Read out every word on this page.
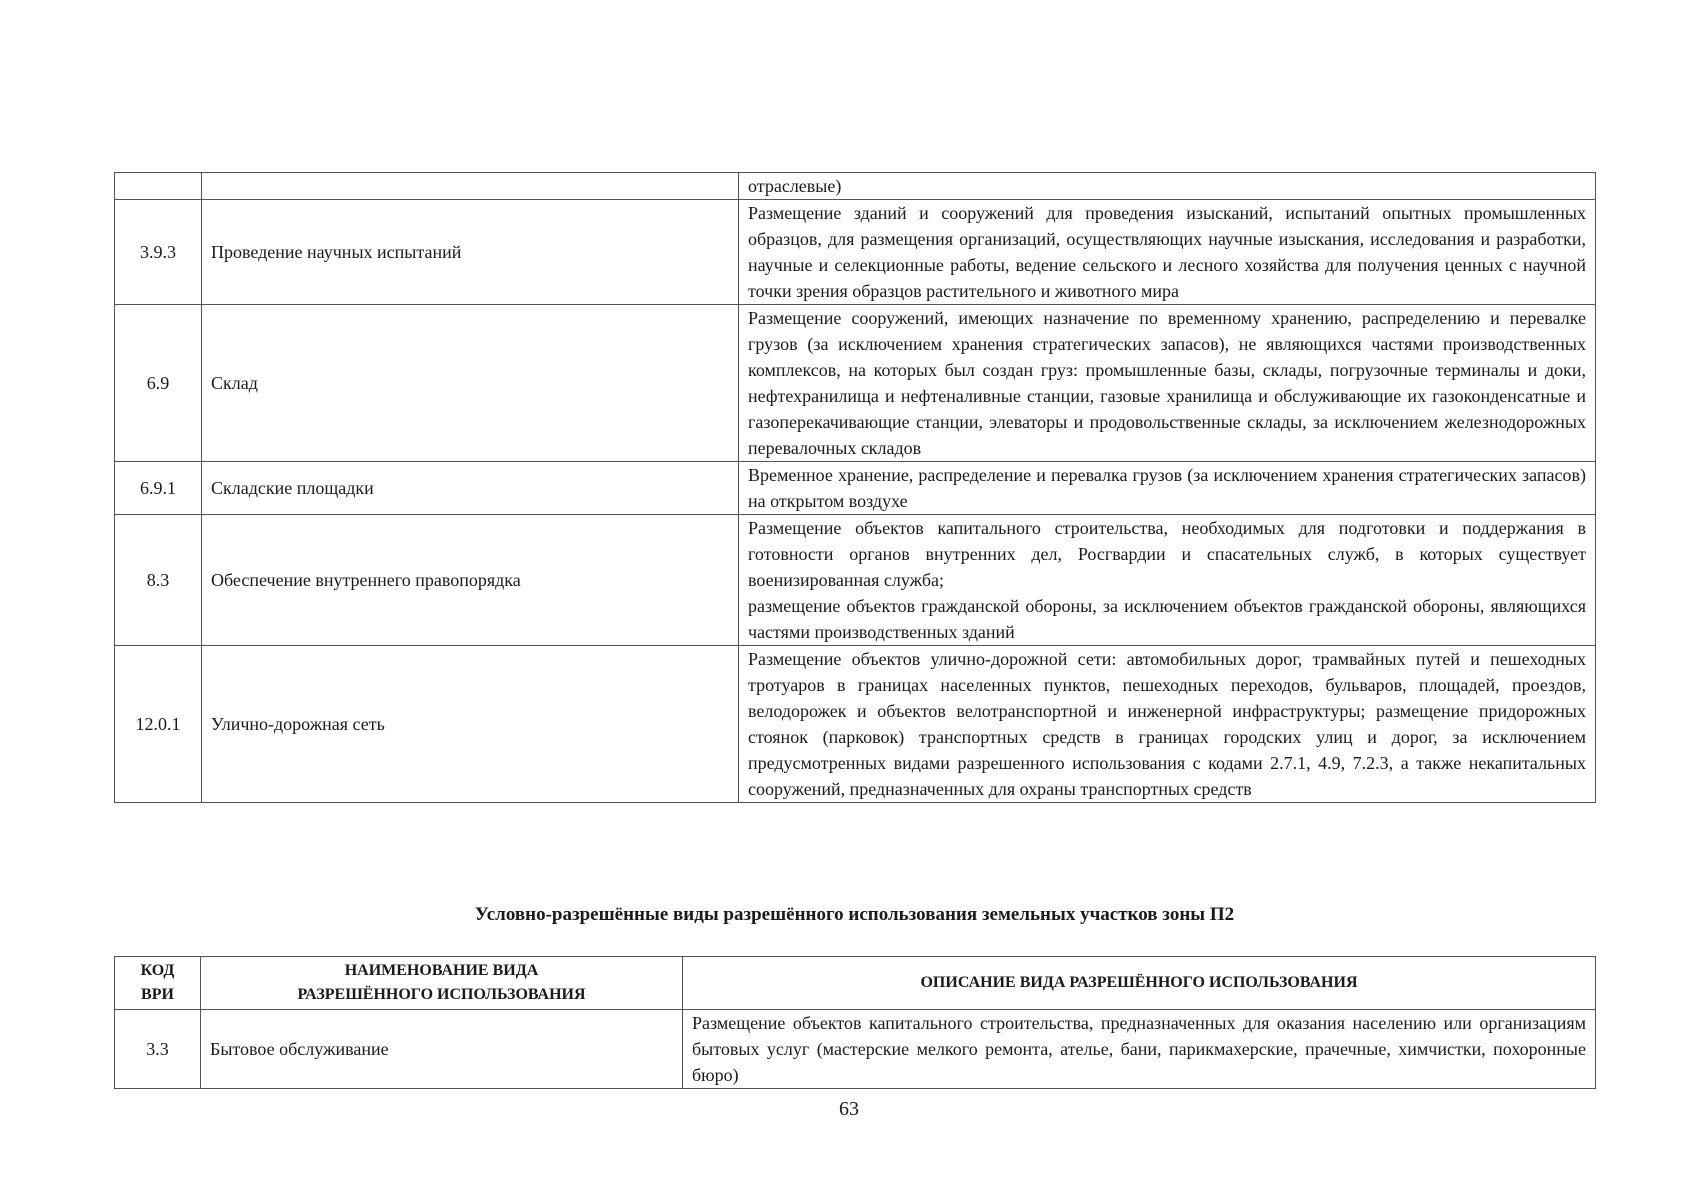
		отраслевые)

3.9.3	Проведение научных испытаний	Размещение зданий и сооружений для проведения изысканий, испытаний опытных промышленных образцов, для размещения организаций, осуществляющих научные изыскания, исследования и разработки, научные и селекционные работы, ведение сельского и лесного хозяйства для получения ценных с научной точки зрения образцов растительного и животного мира

6.9	Склад	Размещение сооружений, имеющих назначение по временному хранению, распределению и перевалке грузов (за исключением хранения стратегических запасов), не являющихся частями производственных комплексов, на которых был создан груз: промышленные базы, склады, погрузочные терминалы и доки, нефтехранилища и нефтеналивные станции, газовые хранилища и обслуживающие их газоконденсатные и газоперекачивающие станции, элеваторы и продовольственные склады, за исключением железнодорожных перевалочных складов

6.9.1	Складские площадки	Временное хранение, распределение и перевалка грузов (за исключением хранения стратегических запасов) на открытом воздухе

8.3	Обеспечение внутреннего правопорядка	Размещение объектов капитального строительства, необходимых для подготовки и поддержания в готовности органов внутренних дел, Росгвардии и спасательных служб, в которых существует военизированная служба;
размещение объектов гражданской обороны, за исключением объектов гражданской обороны, являющихся частями производственных зданий

12.0.1	Улично-дорожная сеть	Размещение объектов улично-дорожной сети: автомобильных дорог, трамвайных путей и пешеходных тротуаров в границах населенных пунктов, пешеходных переходов, бульваров, площадей, проездов, велодорожек и объектов велотранспортной и инженерной инфраструктуры; размещение придорожных стоянок (парковок) транспортных средств в границах городских улиц и дорог, за исключением предусмотренных видами разрешенного использования с кодами 2.7.1, 4.9, 7.2.3, а также некапитальных сооружений, предназначенных для охраны транспортных средств
Условно-разрешённые виды разрешённого использования земельных участков зоны П2
КОД ВРИ	НАИМЕНОВАНИЕ ВИДА РАЗРЕШЁННОГО ИСПОЛЬЗОВАНИЯ	ОПИСАНИЕ ВИДА РАЗРЕШЁННОГО ИСПОЛЬЗОВАНИЯ
3.3	Бытовое обслуживание	Размещение объектов капитального строительства, предназначенных для оказания населению или организациям бытовых услуг (мастерские мелкого ремонта, ателье, бани, парикмахерские, прачечные, химчистки, похоронные бюро)
63
